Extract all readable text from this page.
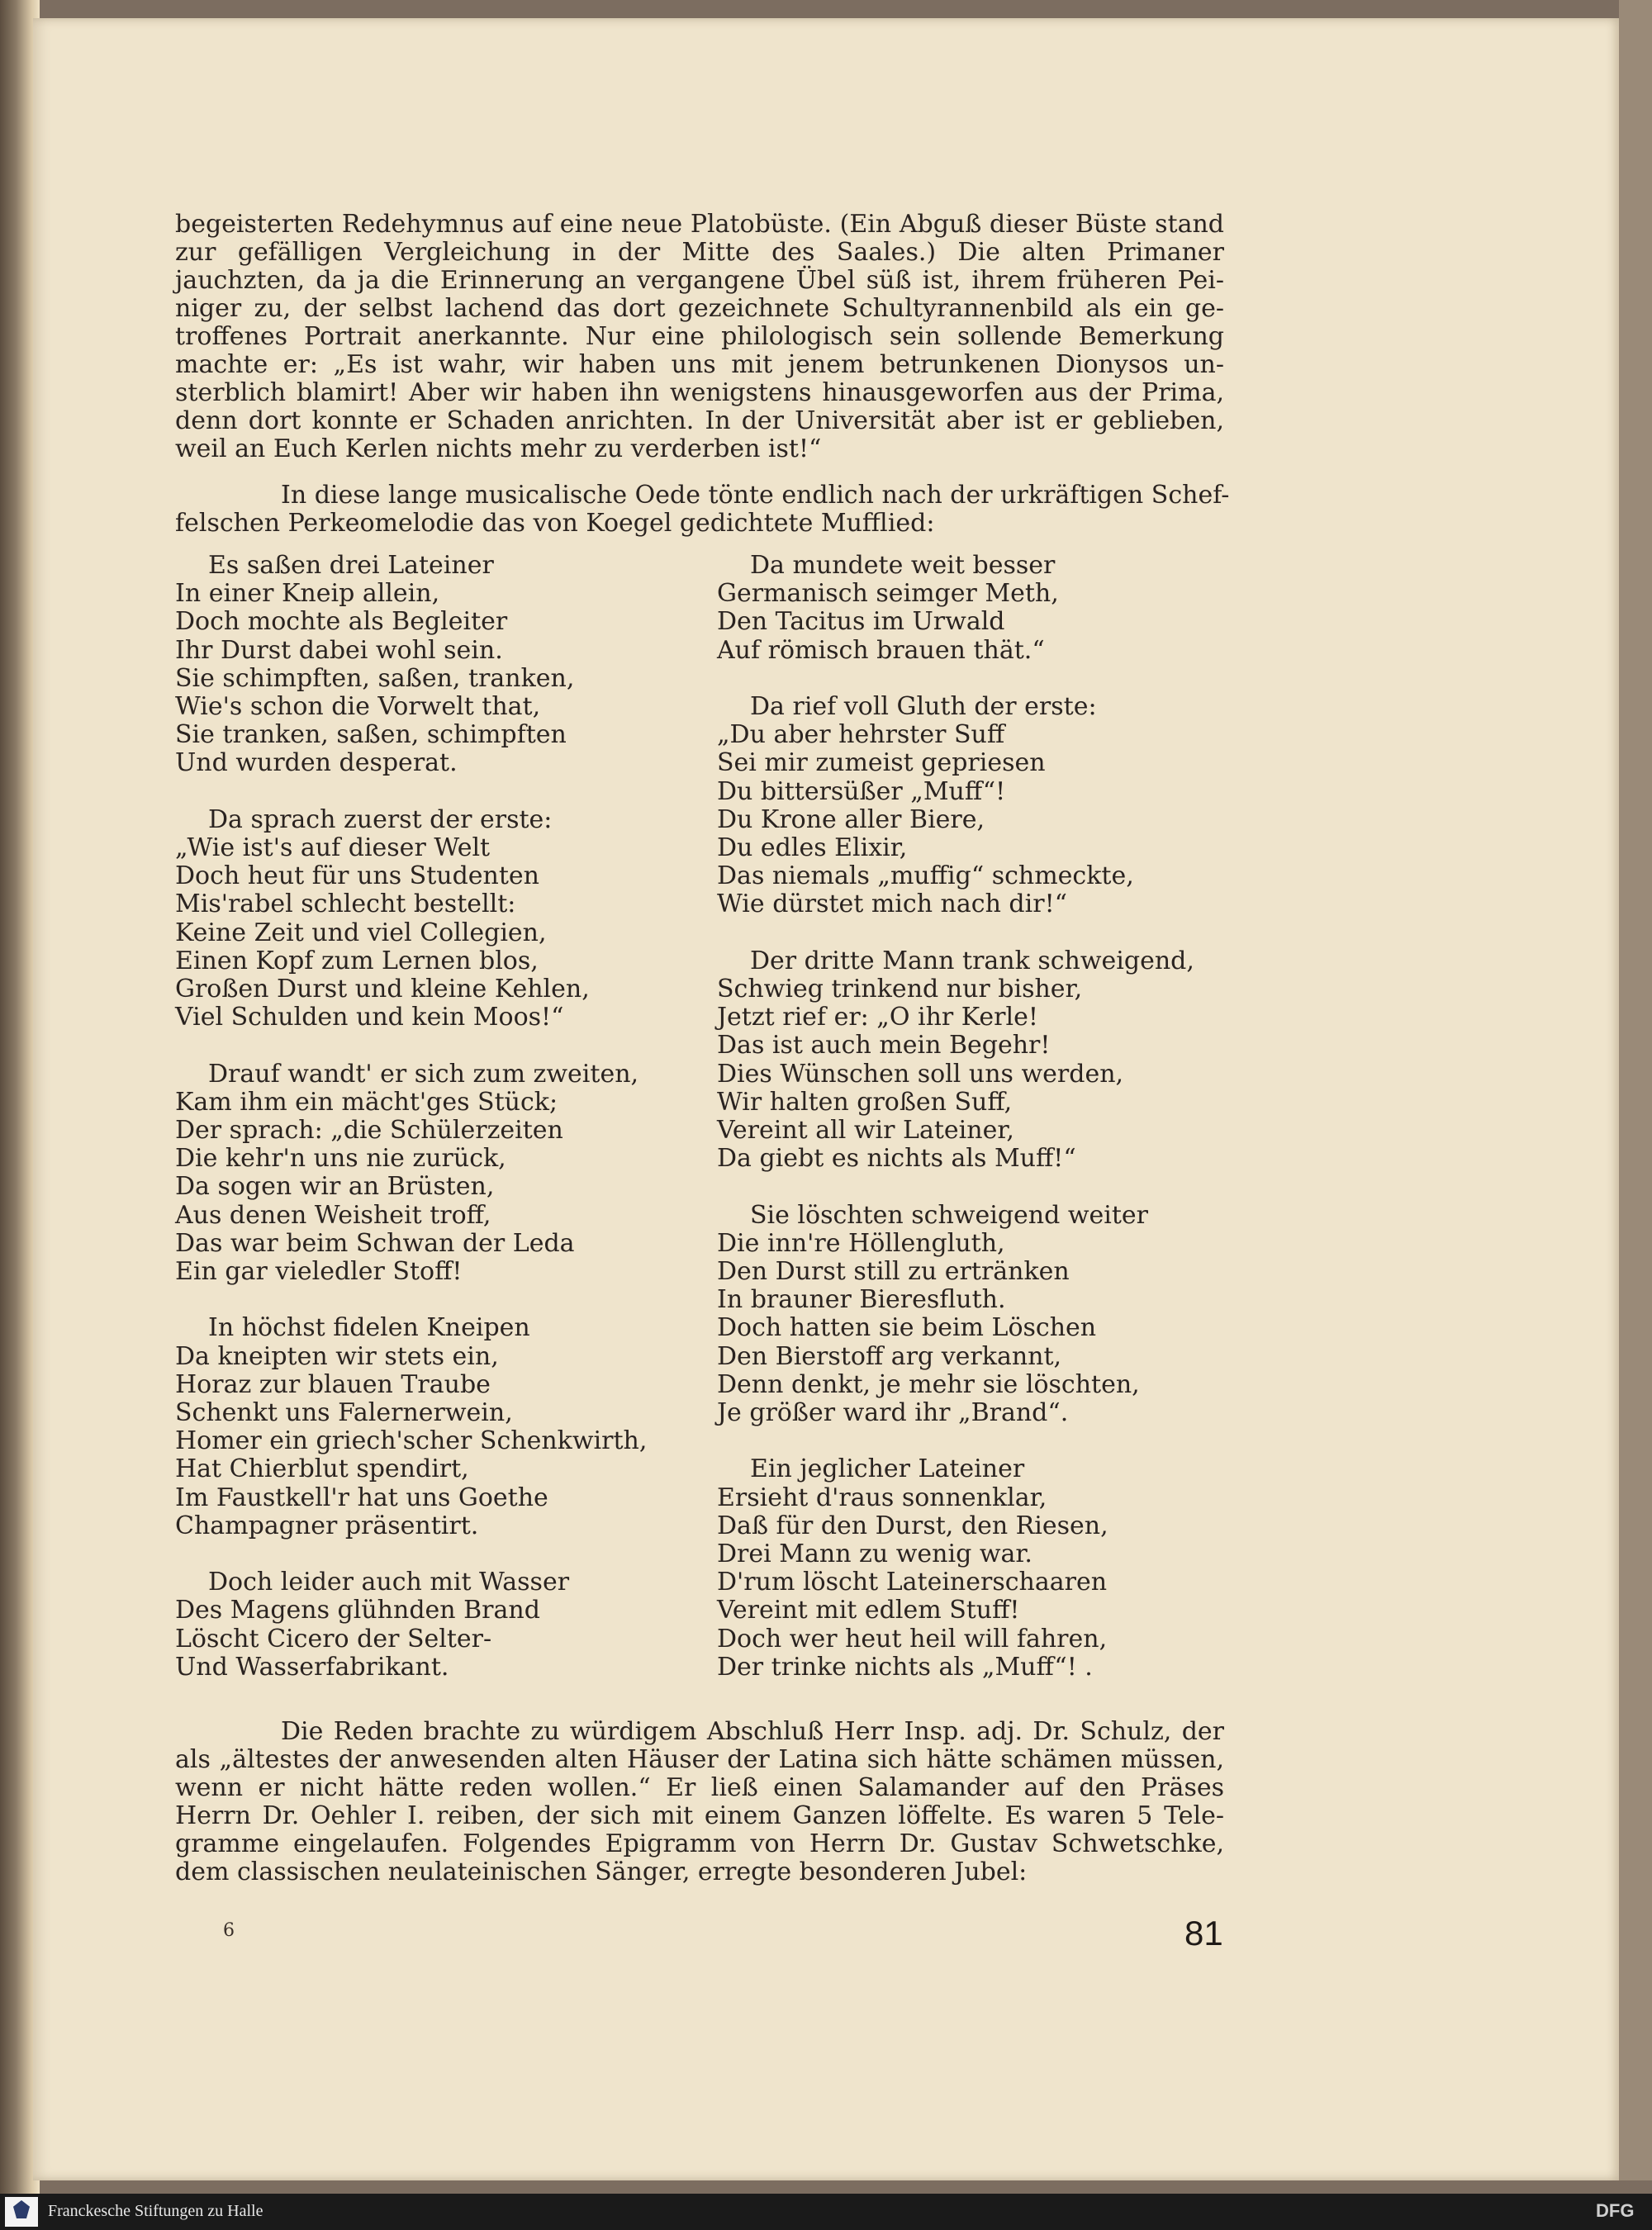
begeisterten Redehymnus auf eine neue Platobüste. (Ein Abguß dieser Büste stand
zur gefälligen Vergleichung in der Mitte des Saales.) Die alten Primaner
jauchzten, da ja die Erinnerung an vergangene Übel süß ist, ihrem früheren Pei-
niger zu, der selbst lachend das dort gezeichnete Schultyrannenbild als ein ge-
troffenes Portrait anerkannte. Nur eine philologisch sein sollende Bemerkung
machte er: „Es ist wahr, wir haben uns mit jenem betrunkenen Dionysos un-
sterblich blamirt! Aber wir haben ihn wenigstens hinausgeworfen aus der Prima,
denn dort konnte er Schaden anrichten. In der Universität aber ist er geblieben,
weil an Euch Kerlen nichts mehr zu verderben ist!“
In diese lange musicalische Oede tönte endlich nach der urkräftigen Schef-
felschen Perkeomelodie das von Koegel gedichtete Mufflied:
Es saßen drei Lateiner
In einer Kneip allein,
Doch mochte als Begleiter
Ihr Durst dabei wohl sein.
Sie schimpften, saßen, tranken,
Wie's schon die Vorwelt that,
Sie tranken, saßen, schimpften
Und wurden desperat.
Da sprach zuerst der erste:
„Wie ist's auf dieser Welt
Doch heut für uns Studenten
Mis'rabel schlecht bestellt:
Keine Zeit und viel Collegien,
Einen Kopf zum Lernen blos,
Großen Durst und kleine Kehlen,
Viel Schulden und kein Moos!“
Drauf wandt' er sich zum zweiten,
Kam ihm ein mächt'ges Stück;
Der sprach: „die Schülerzeiten
Die kehr'n uns nie zurück,
Da sogen wir an Brüsten,
Aus denen Weisheit troff,
Das war beim Schwan der Leda
Ein gar vieledler Stoff!
In höchst fidelen Kneipen
Da kneipten wir stets ein,
Horaz zur blauen Traube
Schenkt uns Falernerwein,
Homer ein griech'scher Schenkwirth,
Hat Chierblut spendirt,
Im Faustkell'r hat uns Goethe
Champagner präsentirt.
Doch leider auch mit Wasser
Des Magens glühnden Brand
Löscht Cicero der Selter-
Und Wasserfabrikant.
Da mundete weit besser
Germanisch seimger Meth,
Den Tacitus im Urwald
Auf römisch brauen thät.“
Da rief voll Gluth der erste:
„Du aber hehrster Suff
Sei mir zumeist gepriesen
Du bittersüßer „Muff“!
Du Krone aller Biere,
Du edles Elixir,
Das niemals „muffig“ schmeckte,
Wie dürstet mich nach dir!“
Der dritte Mann trank schweigend,
Schwieg trinkend nur bisher,
Jetzt rief er: „O ihr Kerle!
Das ist auch mein Begehr!
Dies Wünschen soll uns werden,
Wir halten großen Suff,
Vereint all wir Lateiner,
Da giebt es nichts als Muff!“
Sie löschten schweigend weiter
Die inn're Höllengluth,
Den Durst still zu ertränken
In brauner Bieresfluth.
Doch hatten sie beim Löschen
Den Bierstoff arg verkannt,
Denn denkt, je mehr sie löschten,
Je größer ward ihr „Brand“.
Ein jeglicher Lateiner
Ersieht d'raus sonnenklar,
Daß für den Durst, den Riesen,
Drei Mann zu wenig war.
D'rum löscht Lateinerschaaren
Vereint mit edlem Stuff!
Doch wer heut heil will fahren,
Der trinke nichts als „Muff“! .
Die Reden brachte zu würdigem Abschluß Herr Insp. adj. Dr. Schulz, der
als „ältestes der anwesenden alten Häuser der Latina sich hätte schämen müssen,
wenn er nicht hätte reden wollen.“ Er ließ einen Salamander auf den Präses
Herrn Dr. Oehler I. reiben, der sich mit einem Ganzen löffelte. Es waren 5 Tele-
gramme eingelaufen. Folgendes Epigramm von Herrn Dr. Gustav Schwetschke,
dem classischen neulateinischen Sänger, erregte besonderen Jubel:
6	81
Franckesche Stiftungen zu Halle	DFG
